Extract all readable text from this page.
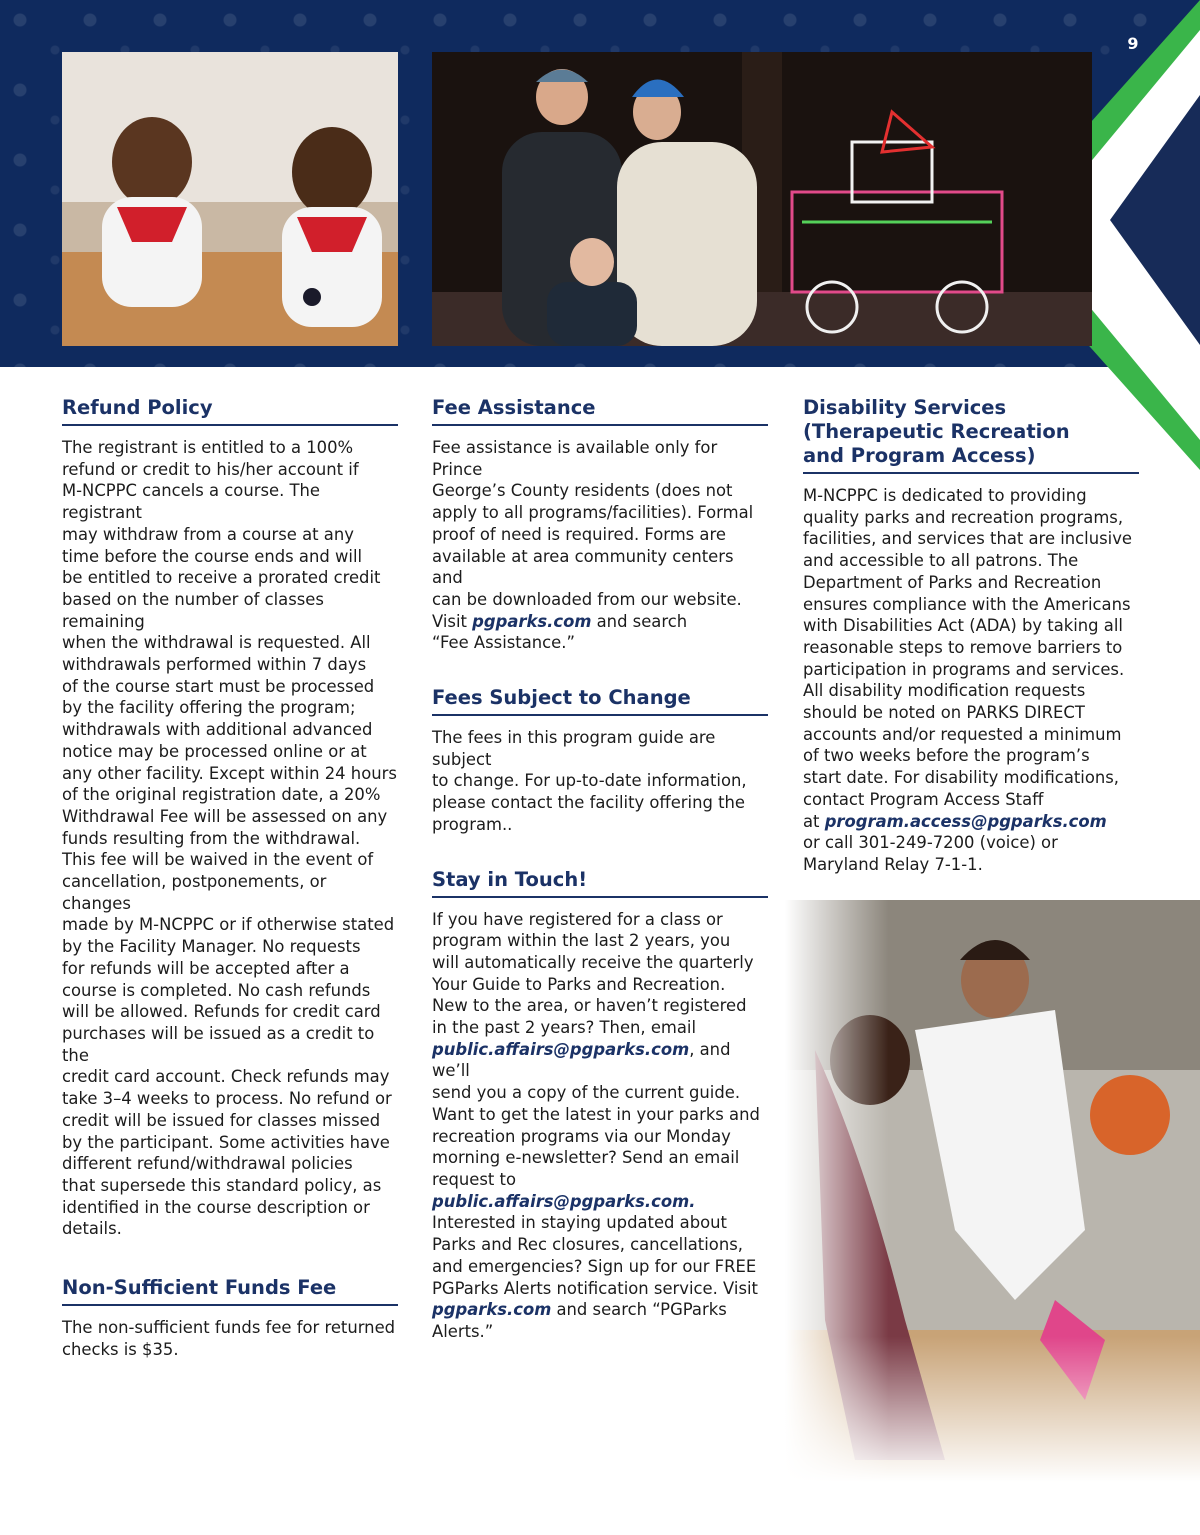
9
Refund Policy

The registrant is entitled to a 100%
refund or credit to his/her account if
M-NCPPC cancels a course. The registrant
may withdraw from a course at any
time before the course ends and will
be entitled to receive a prorated credit
based on the number of classes remaining
when the withdrawal is requested. All
withdrawals performed within 7 days
of the course start must be processed
by the facility offering the program;
withdrawals with additional advanced
notice may be processed online or at
any other facility. Except within 24 hours
of the original registration date, a 20%
Withdrawal Fee will be assessed on any
funds resulting from the withdrawal.
This fee will be waived in the event of
cancellation, postponements, or changes
made by M-NCPPC or if otherwise stated
by the Facility Manager. No requests
for refunds will be accepted after a
course is completed. No cash refunds
will be allowed. Refunds for credit card
purchases will be issued as a credit to the
credit card account. Check refunds may
take 3–4 weeks to process. No refund or
credit will be issued for classes missed
by the participant. Some activities have
different refund/withdrawal policies
that supersede this standard policy, as
identified in the course description or
details.

Non-Sufficient Funds Fee

The non-sufficient funds fee for returned
checks is $35.

Fee Assistance

Fee assistance is available only for Prince
George’s County residents (does not
apply to all programs/facilities). Formal
proof of need is required. Forms are
available at area community centers and
can be downloaded from our website.
Visit pgparks.com and search
“Fee Assistance.”

Fees Subject to Change

The fees in this program guide are subject
to change. For up-to-date information,
please contact the facility offering the
program..

Stay in Touch!

If you have registered for a class or
program within the last 2 years, you
will automatically receive the quarterly
Your Guide to Parks and Recreation.
New to the area, or haven’t registered
in the past 2 years? Then, email
public.affairs@pgparks.com, and we’ll
send you a copy of the current guide.
Want to get the latest in your parks and
recreation programs via our Monday
morning e-newsletter? Send an email
request to public.affairs@pgparks.com.
Interested in staying updated about
Parks and Rec closures, cancellations,
and emergencies? Sign up for our FREE
PGParks Alerts notification service. Visit
pgparks.com and search “PGParks Alerts.”

Disability Services
(Therapeutic Recreation
and Program Access)

M-NCPPC is dedicated to providing
quality parks and recreation programs,
facilities, and services that are inclusive
and accessible to all patrons. The
Department of Parks and Recreation
ensures compliance with the Americans
with Disabilities Act (ADA) by taking all
reasonable steps to remove barriers to
participation in programs and services.
All disability modification requests
should be noted on PARKS DIRECT
accounts and/or requested a minimum
of two weeks before the program’s
start date. For disability modifications,
contact Program Access Staff
at program.access@pgparks.com
or call 301-249-7200 (voice) or
Maryland Relay 7-1-1.
